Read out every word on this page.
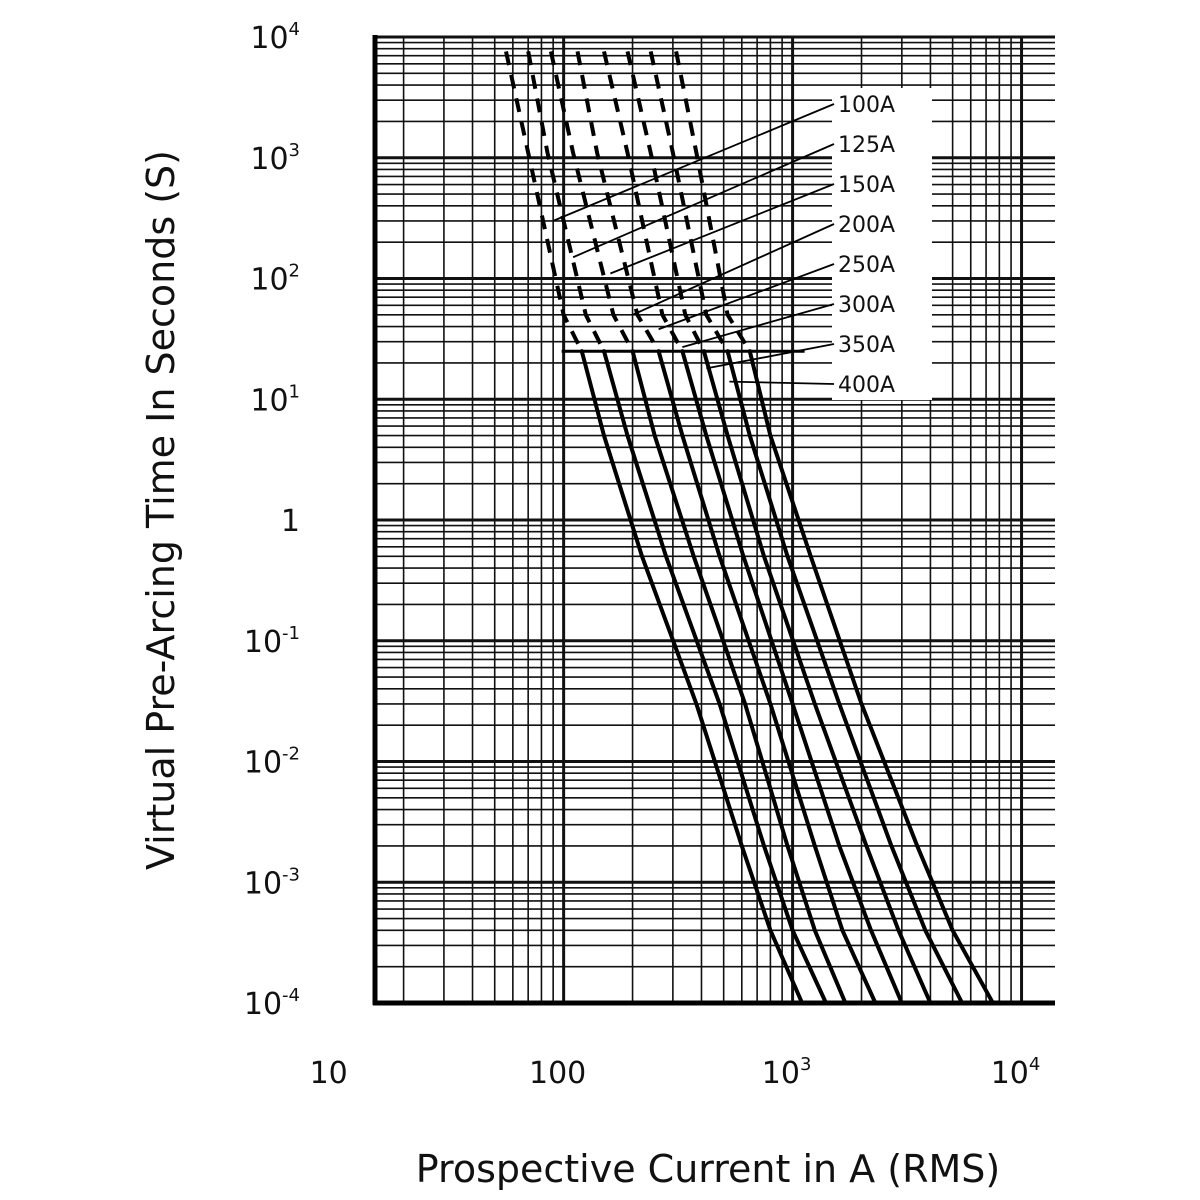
100A
125A
150A
200A
250A
300A
350A
400A
10	100	$10^3$	$10^4$
$10^4$
$10^3$
$10^2$
$10^1$
1
$10^{-1}$
$10^{-2}$
$10^{-3}$
$10^{-4}$
Virtual Pre-Arcing Time In Seconds (S)
Prospective Current in A (RMS)
